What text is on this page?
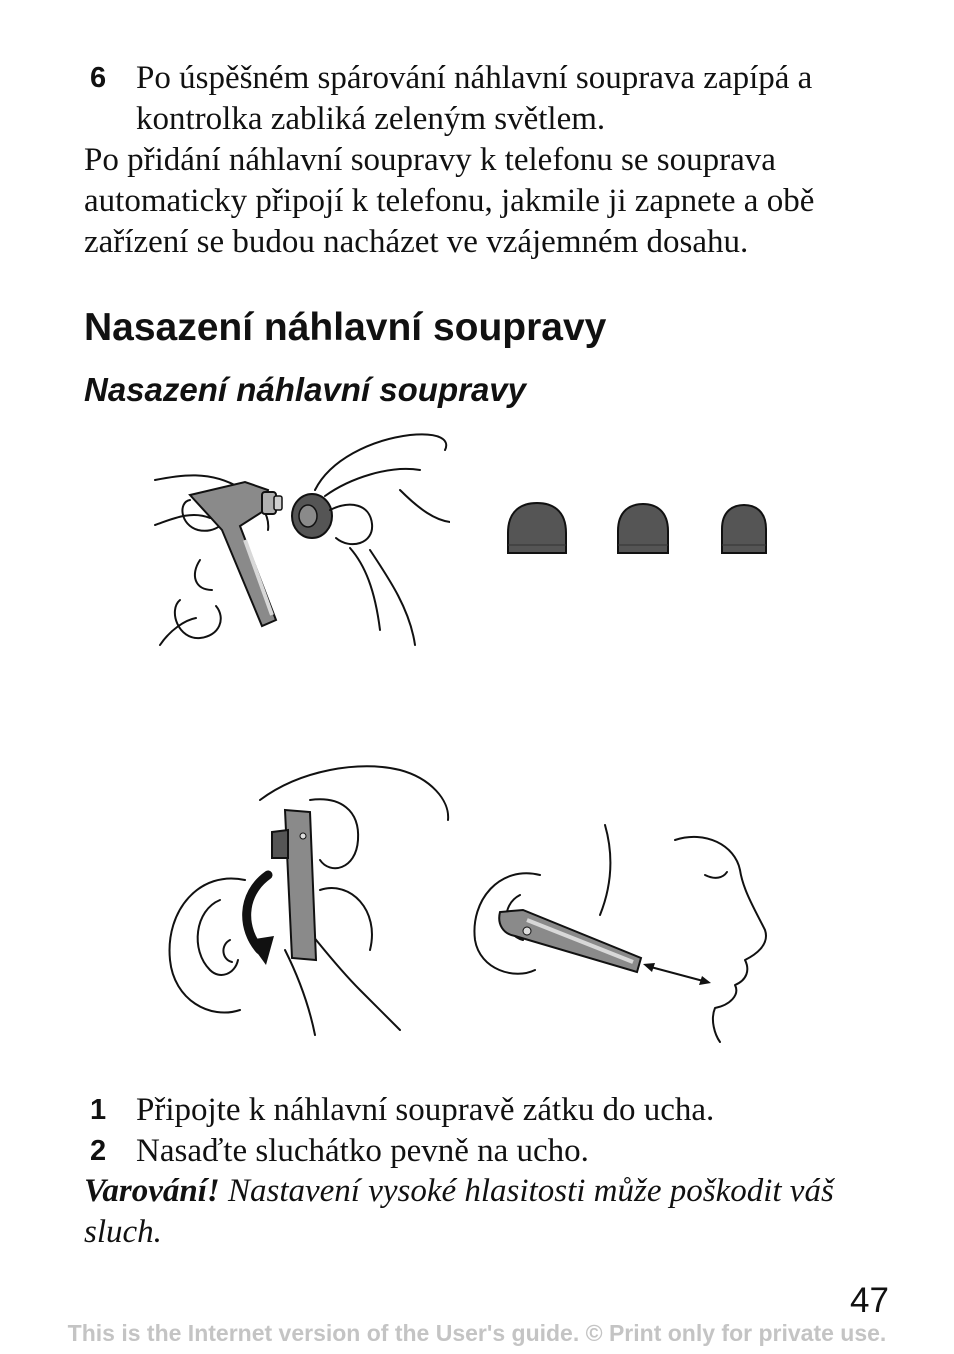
6 Po úspěšném spárování náhlavní souprava zapípá a kontrolka zabliká zeleným světlem.
Po přidání náhlavní soupravy k telefonu se souprava automaticky připojí k telefonu, jakmile ji zapnete a obě zařízení se budou nacházet ve vzájemném dosahu.
Nasazení náhlavní soupravy
Nasazení náhlavní soupravy
1 Připojte k náhlavní soupravě zátku do ucha.
2 Nasaďte sluchátko pevně na ucho.
Varování! Nastavení vysoké hlasitosti může poškodit váš sluch.
47
This is the Internet version of the User's guide. © Print only for private use.
